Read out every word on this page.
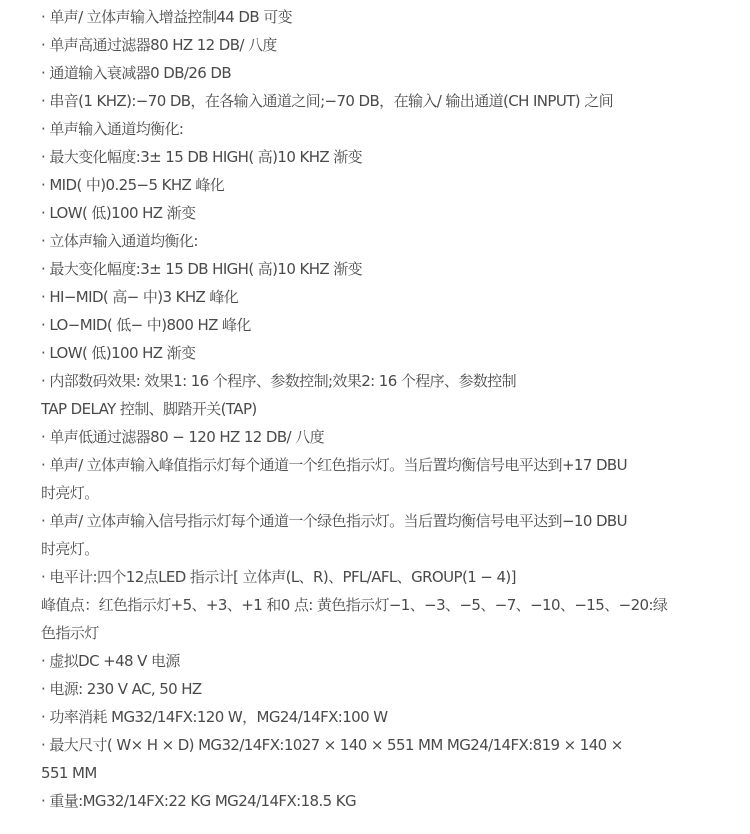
· 单声/ 立体声输入增益控制44 DB 可变
· 单声高通过滤器80 HZ 12 DB/ 八度
· 通道输入衰减器0 DB/26 DB
· 串音(1 KHZ):−70 DB，在各输入通道之间;−70 DB，在输入/ 输出通道(CH INPUT) 之间
· 单声输入通道均衡化:
· 最大变化幅度:3± 15 DB HIGH( 高)10 KHZ 渐变
· MID( 中)0.25−5 KHZ 峰化
· LOW( 低)100 HZ 渐变
· 立体声输入通道均衡化:
· 最大变化幅度:3± 15 DB HIGH( 高)10 KHZ 渐变
· HI−MID( 高− 中)3 KHZ 峰化
· LO−MID( 低− 中)800 HZ 峰化
· LOW( 低)100 HZ 渐变
· 内部数码效果: 效果1: 16 个程序、参数控制;效果2: 16 个程序、参数控制
TAP DELAY 控制、脚踏开关(TAP)
· 单声低通过滤器80 − 120 HZ 12 DB/ 八度
· 单声/ 立体声输入峰值指示灯每个通道一个红色指示灯。当后置均衡信号电平达到+17 DBU
时亮灯。
· 单声/ 立体声输入信号指示灯每个通道一个绿色指示灯。当后置均衡信号电平达到−10 DBU
时亮灯。
· 电平计:四个12点LED 指示计[ 立体声(L、R)、PFL/AFL、GROUP(1 − 4)]
峰值点：红色指示灯+5、+3、+1 和0 点: 黄色指示灯−1、−3、−5、−7、−10、−15、−20:绿
色指示灯
· 虚拟DC +48 V 电源
· 电源: 230 V AC, 50 HZ
· 功率消耗 MG32/14FX:120 W，MG24/14FX:100 W
· 最大尺寸( W× H × D) MG32/14FX:1027 × 140 × 551 MM MG24/14FX:819 × 140 ×
551 MM
· 重量:MG32/14FX:22 KG MG24/14FX:18.5 KG
